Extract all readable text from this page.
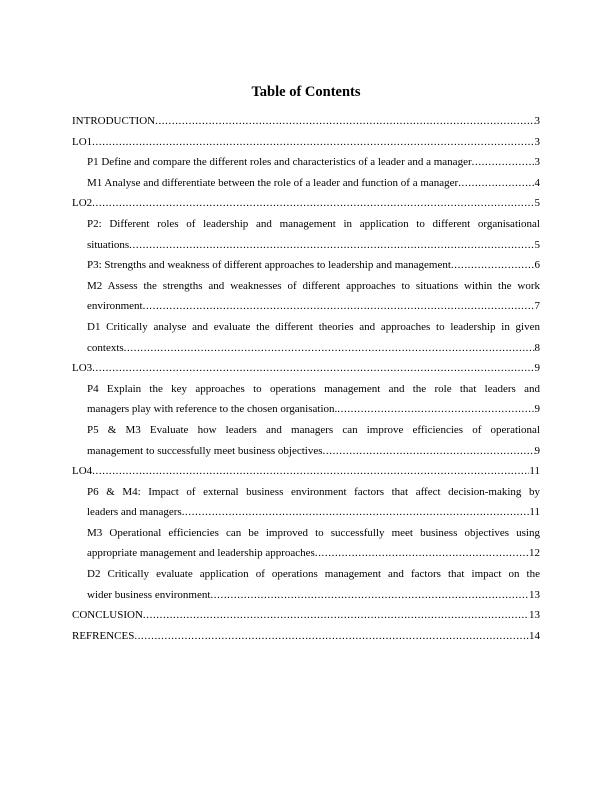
Table of Contents
INTRODUCTION .....	3
LO1 .....	3
P1 Define and compare the different roles and characteristics of a leader and a manager .....	3
M1 Analyse and differentiate between the role of a leader and function of a manager .....	4
LO2 .....	5
P2: Different roles of leadership and management in application to different organisational
situations .....	5
P3: Strengths and weakness of different approaches to leadership and management .....	6
M2 Assess the strengths and weaknesses of different approaches to situations within the work
environment .....	7
D1 Critically analyse and evaluate the different theories and approaches to leadership in given
contexts .....	8
LO3 .....	9
P4 Explain the key approaches to operations management and the role that leaders and
managers play with reference to the chosen organisation. .....	9
P5 & M3 Evaluate how leaders and managers can improve efficiencies of operational
management to successfully meet business objectives .....	9
LO4 .....	11
P6 & M4: Impact of external business environment factors that affect decision-making by
leaders and managers .....	11
M3 Operational efficiencies can be improved to successfully meet business objectives using
appropriate management and leadership approaches .....	12
D2 Critically evaluate application of operations management and factors that impact on the
wider business environment .....	13
CONCLUSION .....	13
REFRENCES .....	14
